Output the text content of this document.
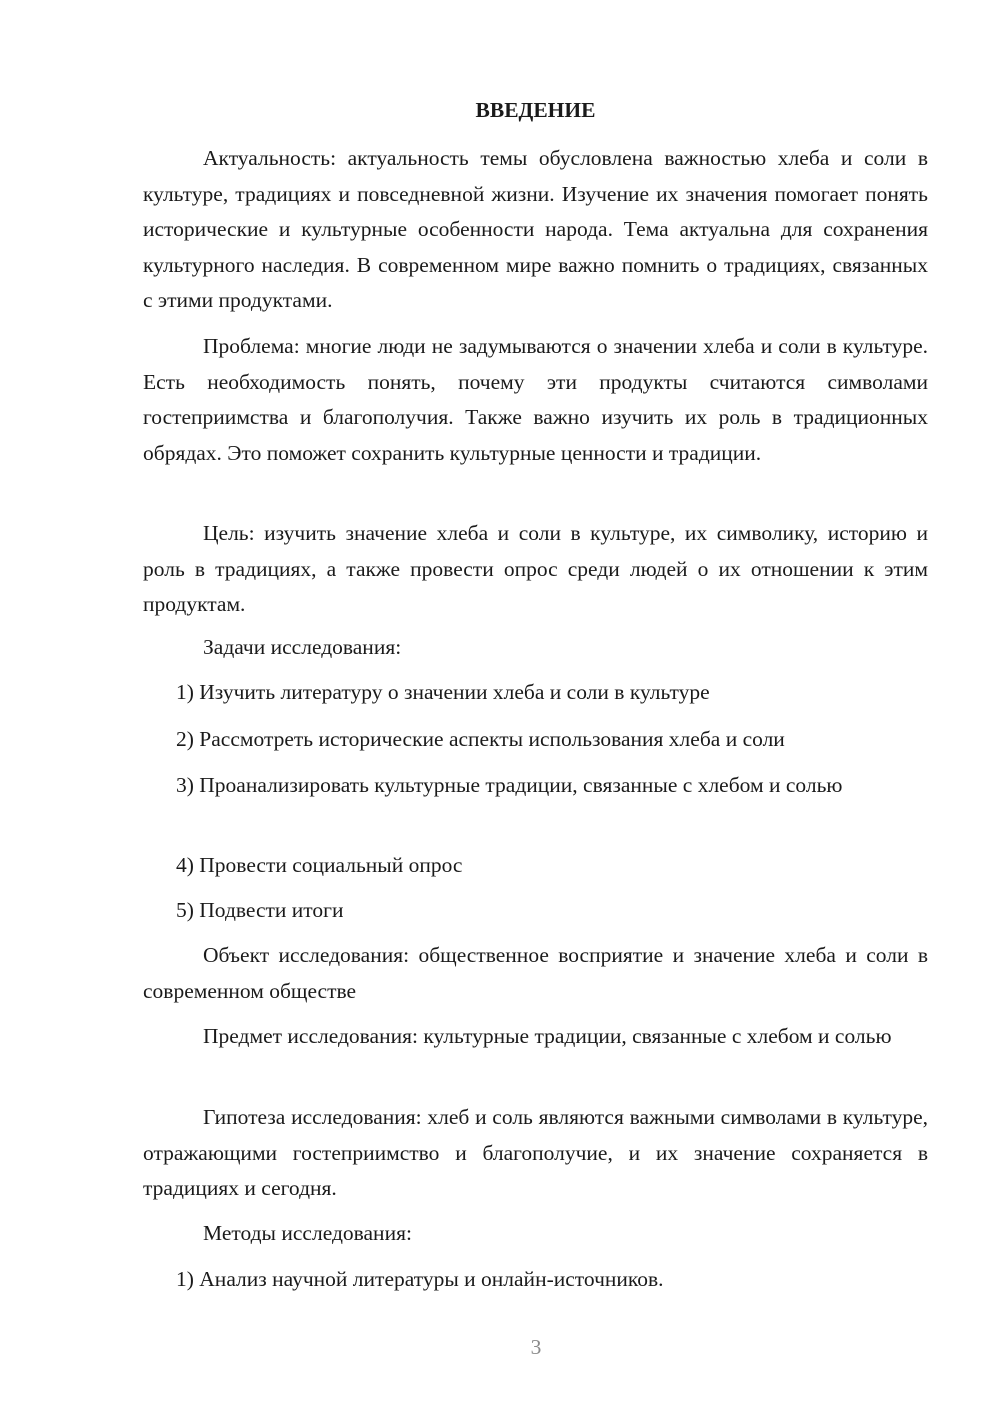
ВВЕДЕНИЕ

Актуальность: актуальность темы обусловлена важностью хлеба и соли в культуре, традициях и повседневной жизни. Изучение их значения помогает понять исторические и культурные особенности народа. Тема актуальна для сохранения культурного наследия. В современном мире важно помнить о традициях, связанных с этими продуктами.

Проблема: многие люди не задумываются о значении хлеба и соли в культуре. Есть необходимость понять, почему эти продукты считаются символами гостеприимства и благополучия. Также важно изучить их роль в традиционных обрядах. Это поможет сохранить культурные ценности и традиции.

Цель: изучить значение хлеба и соли в культуре, их символику, историю и роль в традициях, а также провести опрос среди людей о их отношении к этим продуктам.

Задачи исследования:

1) Изучить литературу о значении хлеба и соли в культуре

2) Рассмотреть исторические аспекты использования хлеба и соли

3) Проанализировать культурные традиции, связанные с хлебом и солью

4) Провести социальный опрос

5) Подвести итоги

Объект исследования: общественное восприятие и значение хлеба и соли в современном обществе

Предмет исследования: культурные традиции, связанные с хлебом и солью

Гипотеза исследования: хлеб и соль являются важными символами в культуре, отражающими гостеприимство и благополучие, и их значение сохраняется в традициях и сегодня.

Методы исследования:

1) Анализ научной литературы и онлайн-источников.

3
